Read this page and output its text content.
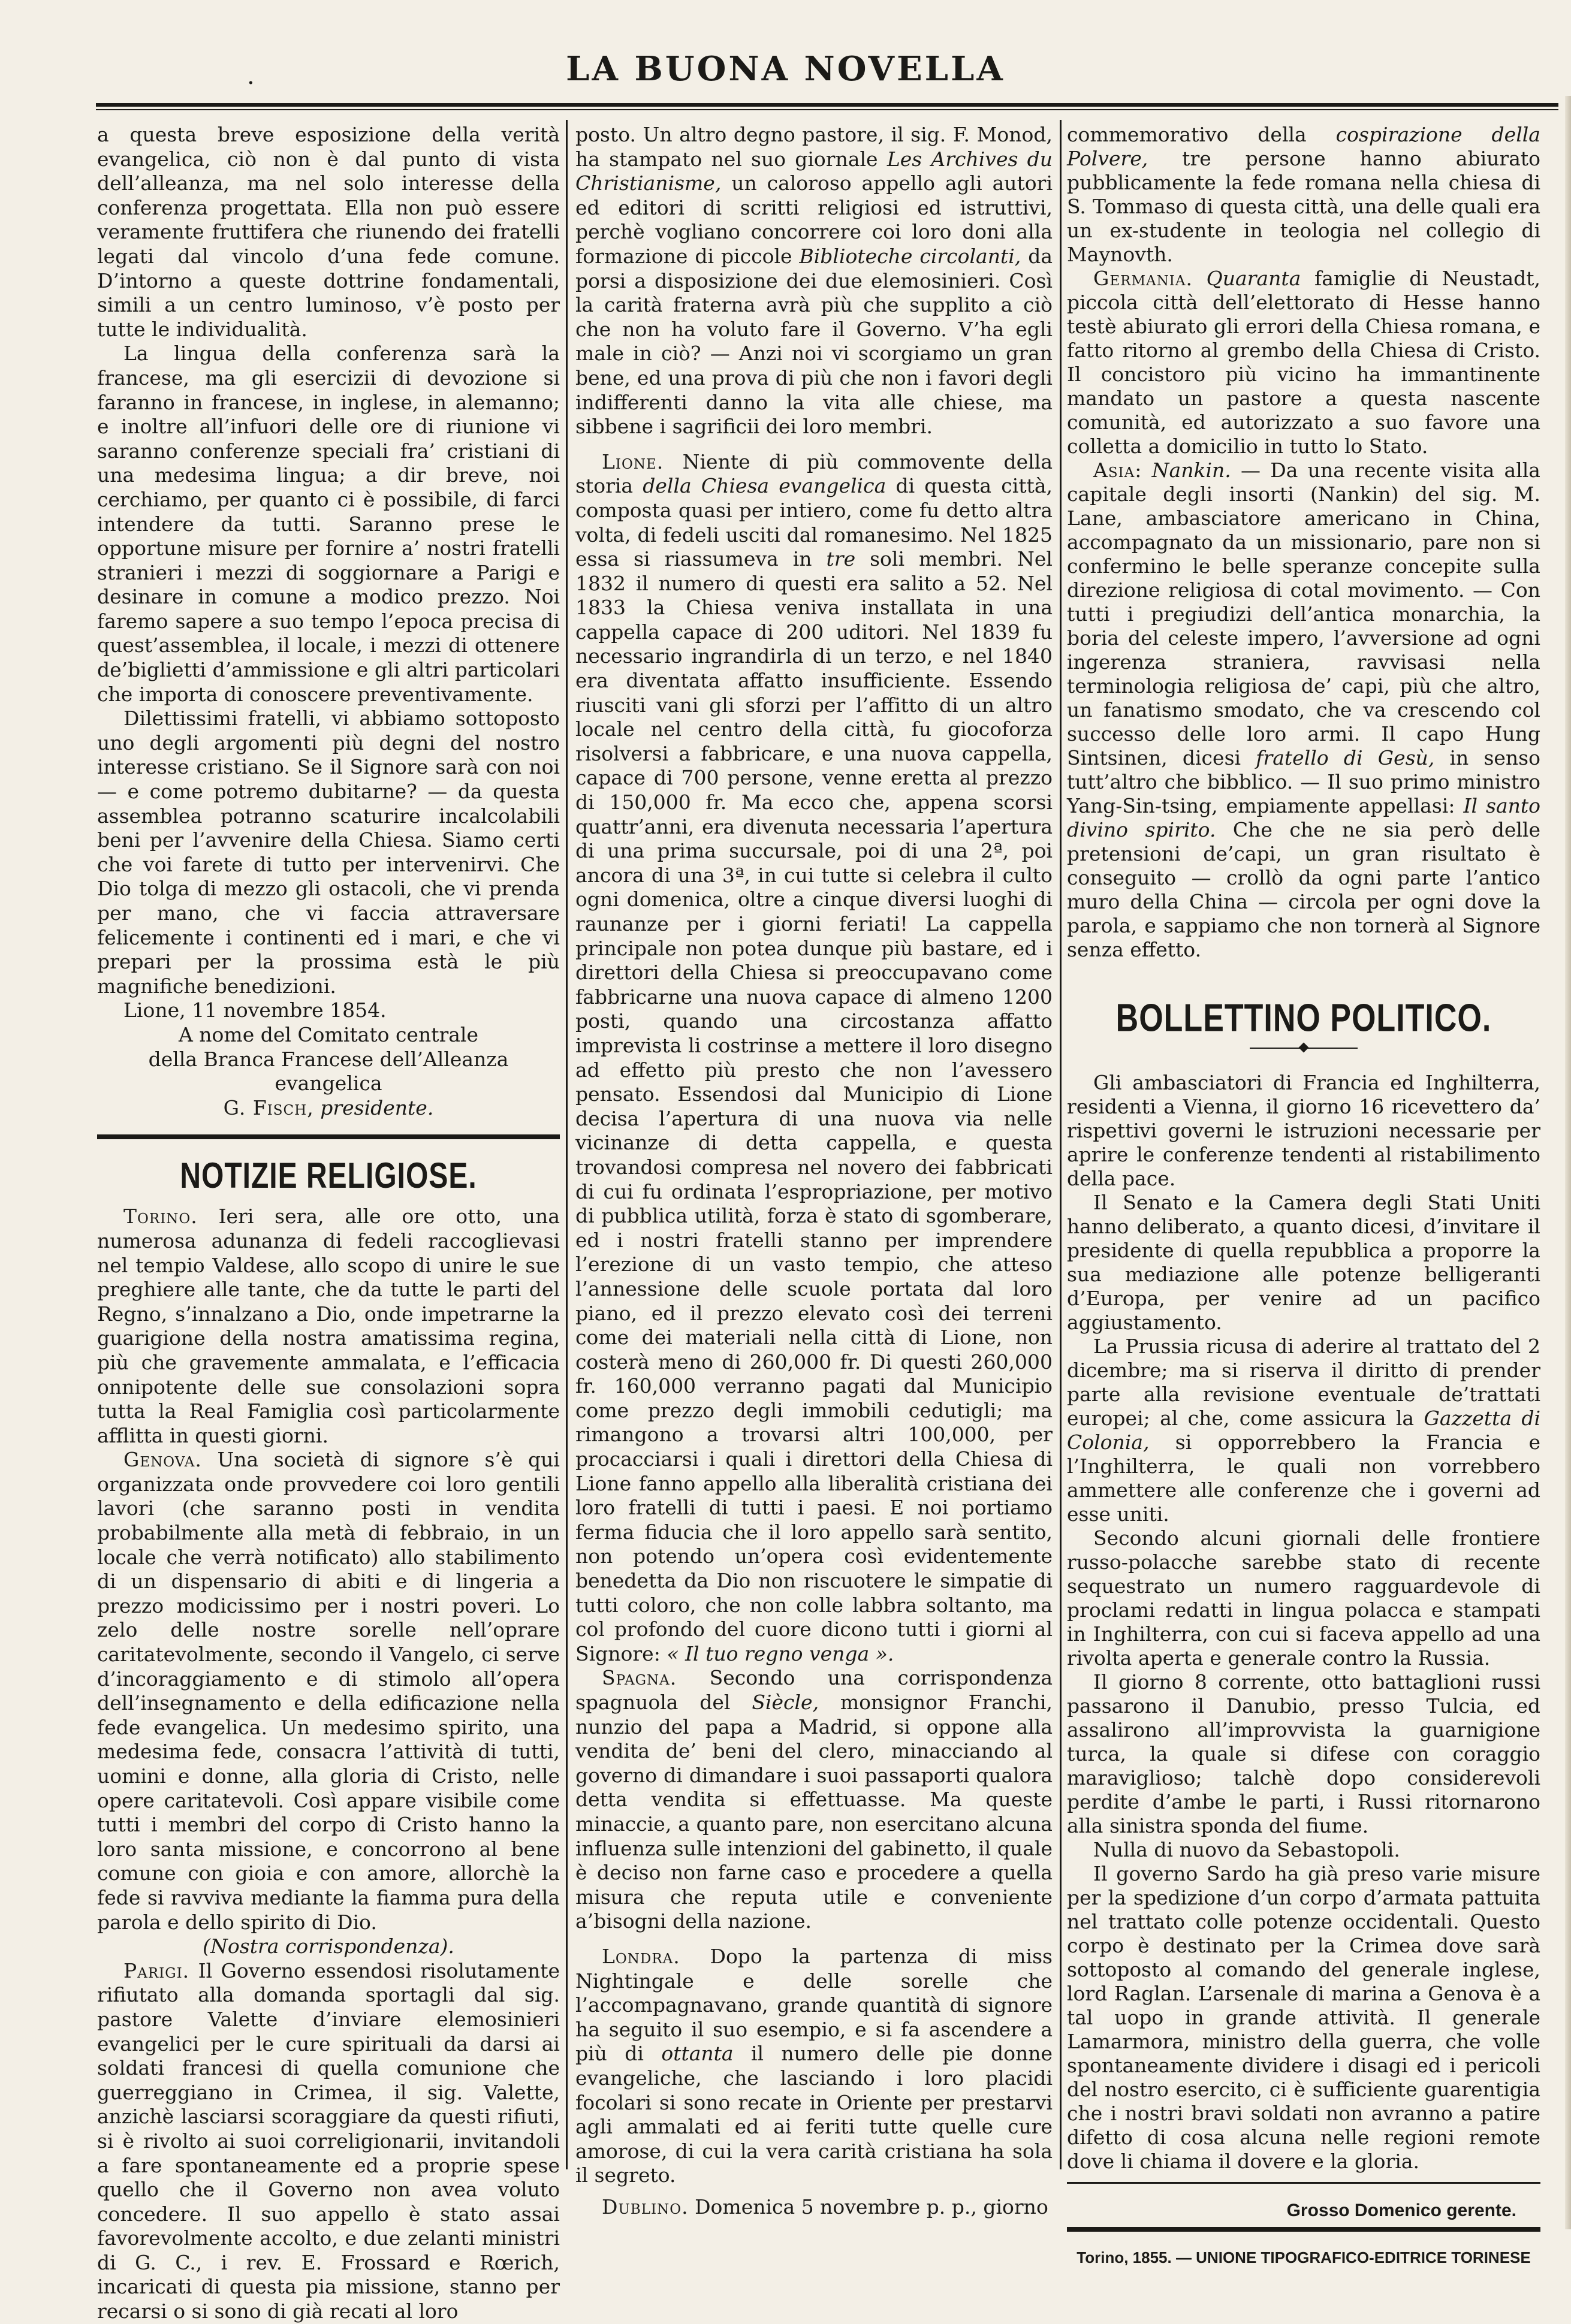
.	LA BUONA NOVELLA

a questa breve esposizione della verità evangelica, ciò non è dal punto di vista dell’alleanza, ma nel solo interesse della conferenza progettata. Ella non può essere veramente fruttifera che riunendo dei fratelli legati dal vincolo d’una fede comune. D’intorno a queste dottrine fondamentali, simili a un centro luminoso, v’è posto per tutte le individualità.

La lingua della conferenza sarà la francese, ma gli esercizii di devozione si faranno in francese, in inglese, in alemanno; e inoltre all’infuori delle ore di riunione vi saranno conferenze speciali fra’ cristiani di una medesima lingua; a dir breve, noi cerchiamo, per quanto ci è possibile, di farci intendere da tutti. Saranno prese le opportune misure per fornire a’ nostri fratelli stranieri i mezzi di soggiornare a Parigi e desinare in comune a modico prezzo. Noi faremo sapere a suo tempo l’epoca precisa di quest’assemblea, il locale, i mezzi di ottenere de’biglietti d’ammissione e gli altri particolari che importa di conoscere preventivamente.

Dilettissimi fratelli, vi abbiamo sottoposto uno degli argomenti più degni del nostro interesse cristiano. Se il Signore sarà con noi — e come potremo dubitarne? — da questa assemblea potranno scaturire incalcolabili beni per l’avvenire della Chiesa. Siamo certi che voi farete di tutto per intervenirvi. Che Dio tolga di mezzo gli ostacoli, che vi prenda per mano, che vi faccia attraversare felicemente i continenti ed i mari, e che vi prepari per la prossima està le più magnifiche benedizioni.

Lione, 11 novembre 1854.

A nome del Comitato centrale

della Branca Francese dell’Alleanza evangelica

G. Fisch, presidente.

NOTIZIE RELIGIOSE.

Torino. Ieri sera, alle ore otto, una numerosa adunanza di fedeli raccoglievasi nel tempio Valdese, allo scopo di unire le sue preghiere alle tante, che da tutte le parti del Regno, s’innalzano a Dio, onde impetrarne la guarigione della nostra amatissima regina, più che gravemente ammalata, e l’efficacia onnipotente delle sue consolazioni sopra tutta la Real Famiglia così particolarmente afflitta in questi giorni.

Genova. Una società di signore s’è qui organizzata onde provvedere coi loro gentili lavori (che saranno posti in vendita probabilmente alla metà di febbraio, in un locale che verrà notificato) allo stabilimento di un dispensario di abiti e di lingeria a prezzo modicissimo per i nostri poveri. Lo zelo delle nostre sorelle nell’oprare caritatevolmente, secondo il Vangelo, ci serve d’incoraggiamento e di stimolo all’opera dell’insegnamento e della edificazione nella fede evangelica. Un medesimo spirito, una medesima fede, consacra l’attività di tutti, uomini e donne, alla gloria di Cristo, nelle opere caritatevoli. Così appare visibile come tutti i membri del corpo di Cristo hanno la loro santa missione, e concorrono al bene comune con gioia e con amore, allorchè la fede si ravviva mediante la fiamma pura della parola e dello spirito di Dio.

(Nostra corrispondenza).

Parigi. Il Governo essendosi risolutamente rifiutato alla domanda sportagli dal sig. pastore Valette d’inviare elemosinieri evangelici per le cure spirituali da darsi ai soldati francesi di quella comunione che guerreggiano in Crimea, il sig. Valette, anzichè lasciarsi scoraggiare da questi rifiuti, si è rivolto ai suoi correligionarii, invitandoli a fare spontaneamente ed a proprie spese quello che il Governo non avea voluto concedere. Il suo appello è stato assai favorevolmente accolto, e due zelanti ministri di G. C., i rev. E. Frossard e Rœrich, incaricati di questa pia missione, stanno per recarsi o si sono di già recati al loro

posto. Un altro degno pastore, il sig. F. Monod, ha stampato nel suo giornale Les Archives du Christianisme, un caloroso appello agli autori ed editori di scritti religiosi ed istruttivi, perchè vogliano concorrere coi loro doni alla formazione di piccole Biblioteche circolanti, da porsi a disposizione dei due elemosinieri. Così la carità fraterna avrà più che supplito a ciò che non ha voluto fare il Governo. V’ha egli male in ciò? — Anzi noi vi scorgiamo un gran bene, ed una prova di più che non i favori degli indifferenti danno la vita alle chiese, ma sibbene i sagrificii dei loro membri.

Lione. Niente di più commovente della storia della Chiesa evangelica di questa città, composta quasi per intiero, come fu detto altra volta, di fedeli usciti dal romanesimo. Nel 1825 essa si riassumeva in tre soli membri. Nel 1832 il numero di questi era salito a 52. Nel 1833 la Chiesa veniva installata in una cappella capace di 200 uditori. Nel 1839 fu necessario ingrandirla di un terzo, e nel 1840 era diventata affatto insufficiente. Essendo riusciti vani gli sforzi per l’affitto di un altro locale nel centro della città, fu giocoforza risolversi a fabbricare, e una nuova cappella, capace di 700 persone, venne eretta al prezzo di 150,000 fr. Ma ecco che, appena scorsi quattr’anni, era divenuta necessaria l’apertura di una prima succursale, poi di una 2ª, poi ancora di una 3ª, in cui tutte si celebra il culto ogni domenica, oltre a cinque diversi luoghi di raunanze per i giorni feriati! La cappella principale non potea dunque più bastare, ed i direttori della Chiesa si preoccupavano come fabbricarne una nuova capace di almeno 1200 posti, quando una circostanza affatto imprevista li costrinse a mettere il loro disegno ad effetto più presto che non l’avessero pensato. Essendosi dal Municipio di Lione decisa l’apertura di una nuova via nelle vicinanze di detta cappella, e questa trovandosi compresa nel novero dei fabbricati di cui fu ordinata l’espropriazione, per motivo di pubblica utilità, forza è stato di sgomberare, ed i nostri fratelli stanno per imprendere l’erezione di un vasto tempio, che atteso l’annessione delle scuole portata dal loro piano, ed il prezzo elevato così dei terreni come dei materiali nella città di Lione, non costerà meno di 260,000 fr. Di questi 260,000 fr. 160,000 verranno pagati dal Municipio come prezzo degli immobili cedutigli; ma rimangono a trovarsi altri 100,000, per procacciarsi i quali i direttori della Chiesa di Lione fanno appello alla liberalità cristiana dei loro fratelli di tutti i paesi. E noi portiamo ferma fiducia che il loro appello sarà sentito, non potendo un’opera così evidentemente benedetta da Dio non riscuotere le simpatie di tutti coloro, che non colle labbra soltanto, ma col profondo del cuore dicono tutti i giorni al Signore: « Il tuo regno venga ».

Spagna. Secondo una corrispondenza spagnuola del Siècle, monsignor Franchi, nunzio del papa a Madrid, si oppone alla vendita de’ beni del clero, minacciando al governo di dimandare i suoi passaporti qualora detta vendita si effettuasse. Ma queste minaccie, a quanto pare, non esercitano alcuna influenza sulle intenzioni del gabinetto, il quale è deciso non farne caso e procedere a quella misura che reputa utile e conveniente a’bisogni della nazione.

Londra. Dopo la partenza di miss Nightingale e delle sorelle che l’accompagnavano, grande quantità di signore ha seguito il suo esempio, e si fa ascendere a più di ottanta il numero delle pie donne evangeliche, che lasciando i loro placidi focolari si sono recate in Oriente per prestarvi agli ammalati ed ai feriti tutte quelle cure amorose, di cui la vera carità cristiana ha sola il segreto.

Dublino. Domenica 5 novembre p. p., giorno

commemorativo della cospirazione della Polvere, tre persone hanno abiurato pubblicamente la fede romana nella chiesa di S. Tommaso di questa città, una delle quali era un ex-studente in teologia nel collegio di Maynovth.

Germania. Quaranta famiglie di Neustadt, piccola città dell’elettorato di Hesse hanno testè abiurato gli errori della Chiesa romana, e fatto ritorno al grembo della Chiesa di Cristo. Il concistoro più vicino ha immantinente mandato un pastore a questa nascente comunità, ed autorizzato a suo favore una colletta a domicilio in tutto lo Stato.

Asia: Nankin. — Da una recente visita alla capitale degli insorti (Nankin) del sig. M. Lane, ambasciatore americano in China, accompagnato da un missionario, pare non si confermino le belle speranze concepite sulla direzione religiosa di cotal movimento. — Con tutti i pregiudizi dell’antica monarchia, la boria del celeste impero, l’avversione ad ogni ingerenza straniera, ravvisasi nella terminologia religiosa de’ capi, più che altro, un fanatismo smodato, che va crescendo col successo delle loro armi. Il capo Hung Sintsinen, dicesi fratello di Gesù, in senso tutt’altro che bibblico. — Il suo primo ministro Yang-Sin-tsing, empiamente appellasi: Il santo divino spirito. Che che ne sia però delle pretensioni de’capi, un gran risultato è conseguito — crollò da ogni parte l’antico muro della China — circola per ogni dove la parola, e sappiamo che non tornerà al Signore senza effetto.

BOLLETTINO POLITICO.

Gli ambasciatori di Francia ed Inghilterra, residenti a Vienna, il giorno 16 ricevettero da’ rispettivi governi le istruzioni necessarie per aprire le conferenze tendenti al ristabilimento della pace.

Il Senato e la Camera degli Stati Uniti hanno deliberato, a quanto dicesi, d’invitare il presidente di quella repubblica a proporre la sua mediazione alle potenze belligeranti d’Europa, per venire ad un pacifico aggiustamento.

La Prussia ricusa di aderire al trattato del 2 dicembre; ma si riserva il diritto di prender parte alla revisione eventuale de’trattati europei; al che, come assicura la Gazzetta di Colonia, si opporrebbero la Francia e l’Inghilterra, le quali non vorrebbero ammettere alle conferenze che i governi ad esse uniti.

Secondo alcuni giornali delle frontiere russo-polacche sarebbe stato di recente sequestrato un numero ragguardevole di proclami redatti in lingua polacca e stampati in Inghilterra, con cui si faceva appello ad una rivolta aperta e generale contro la Russia.

Il giorno 8 corrente, otto battaglioni russi passarono il Danubio, presso Tulcia, ed assalirono all’improvvista la guarnigione turca, la quale si difese con coraggio maraviglioso; talchè dopo considerevoli perdite d’ambe le parti, i Russi ritornarono alla sinistra sponda del fiume.

Nulla di nuovo da Sebastopoli.

Il governo Sardo ha già preso varie misure per la spedizione d’un corpo d’armata pattuita nel trattato colle potenze occidentali. Questo corpo è destinato per la Crimea dove sarà sottoposto al comando del generale inglese, lord Raglan. L’arsenale di marina a Genova è a tal uopo in grande attività. Il generale Lamarmora, ministro della guerra, che volle spontaneamente dividere i disagi ed i pericoli del nostro esercito, ci è sufficiente guarentigia che i nostri bravi soldati non avranno a patire difetto di cosa alcuna nelle regioni remote dove li chiama il dovere e la gloria.

Grosso Domenico gerente.
Torino, 1855. — UNIONE TIPOGRAFICO-EDITRICE TORINESE
